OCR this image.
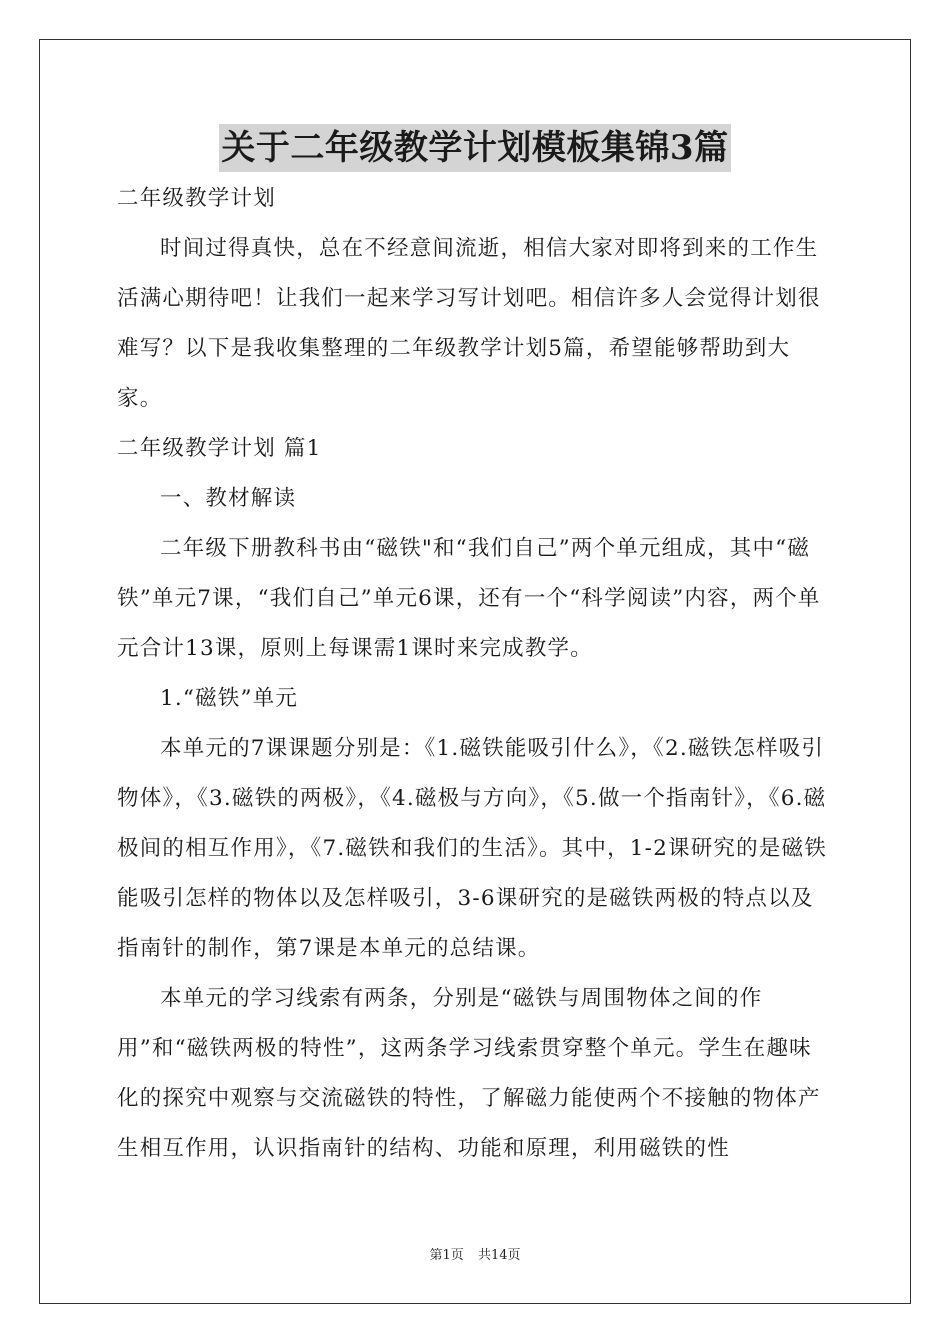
关于二年级教学计划模板集锦3篇

二年级教学计划

时间过得真快，总在不经意间流逝，相信大家对即将到来的工作生活满心期待吧！让我们一起来学习写计划吧。相信许多人会觉得计划很难写？以下是我收集整理的二年级教学计划5篇，希望能够帮助到大家。

二年级教学计划 篇1

一、教材解读

二年级下册教科书由“磁铁"和“我们自己”两个单元组成，其中“磁铁”单元7课，“我们自己”单元6课，还有一个“科学阅读”内容，两个单元合计13课，原则上每课需1课时来完成教学。

1.“磁铁”单元

本单元的7课课题分别是：《1.磁铁能吸引什么》，《2.磁铁怎样吸引物体》，《3.磁铁的两极》，《4.磁极与方向》，《5.做一个指南针》，《6.磁极间的相互作用》，《7.磁铁和我们的生活》。其中，1-2课研究的是磁铁能吸引怎样的物体以及怎样吸引，3-6课研究的是磁铁两极的特点以及指南针的制作，第7课是本单元的总结课。

本单元的学习线索有两条，分别是“磁铁与周围物体之间的作用”和“磁铁两极的特性”，这两条学习线索贯穿整个单元。学生在趣味化的探究中观察与交流磁铁的特性，了解磁力能使两个不接触的物体产生相互作用，认识指南针的结构、功能和原理，利用磁铁的性

第1页 共14页
